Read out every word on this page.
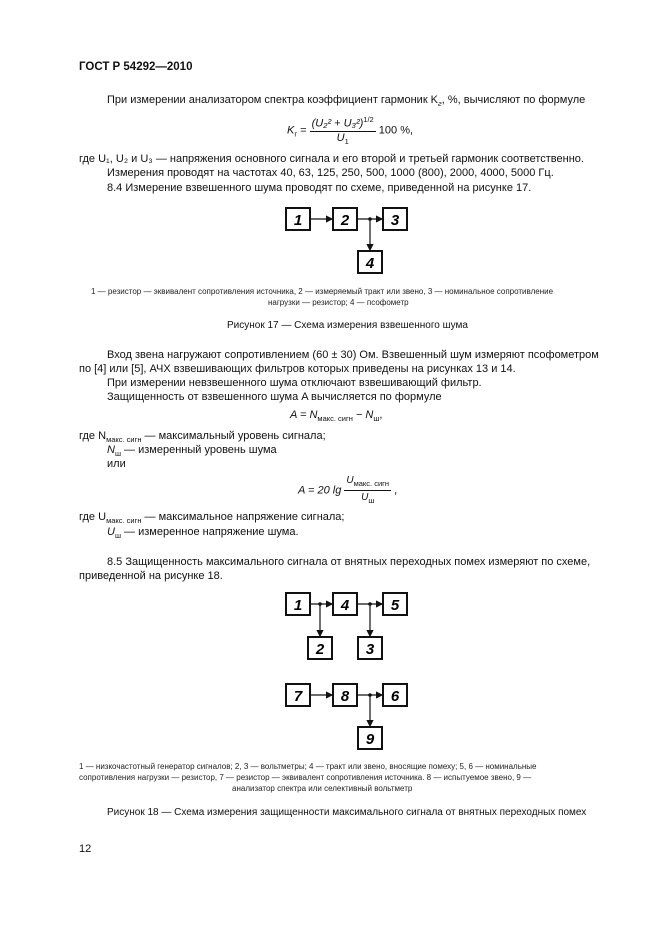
ГОСТ Р 54292—2010
При измерении анализатором спектра коэффициент гармоник $K_г$, %, вычисляют по формуле
$K_г = \frac{(U_2^2 + U_3^2)^{1/2}}{U_1} 100$ %,
где U₁, U₂ и U₃ — напряжения основного сигнала и его второй и третьей гармоник соответственно.
Измерения проводят на частотах 40, 63, 125, 250, 500, 1000 (800), 2000, 4000, 5000 Гц.
8.4 Измерение взвешенного шума проводят по схеме, приведенной на рисунке 17.
1	2	3
4
1 — резистор — эквивалент сопротивления источника, 2 — измеряемый тракт или звено, 3 — номинальное сопротивление
нагрузки — резистор; 4 — псофометр
Рисунок 17 — Схема измерения взвешенного шума
Вход звена нагружают сопротивлением (60 ± 30) Ом. Взвешенный шум измеряют псофометром
по [4] или [5], АЧХ взвешивающих фильтров которых приведены на рисунках 13 и 14.
При измерении невзвешенного шума отключают взвешивающий фильтр.
Защищенность от взвешенного шума A вычисляется по формуле
$A = N_{макс. сигн} - N_ш$,
где $N_{макс. сигн}$ — максимальный уровень сигнала;
$N_ш$ — измеренный уровень шума
или
A = 20 $\lg \frac{U_{макс. сигн}}{U_ш}$ ,
где $U_{макс. сигн}$ — максимальное напряжение сигнала;
$U_ш$ — измеренное напряжение шума.
8.5 Защищенность максимального сигнала от внятных переходных помех измеряют по схеме,
приведенной на рисунке 18.
1	4	5
2	3
7	8	6
9
1 — низкочастотный генератор сигналов; 2, 3 — вольтметры; 4 — тракт или звено, вносящие помеху; 5, 6 — номинальные
сопротивления нагрузки — резистор, 7 — резистор — эквивалент сопротивления источника. 8 — испытуемое звено, 9 —
анализатор спектра или селективный вольтметр
Рисунок 18 — Схема измерения защищенности максимального сигнала от внятных переходных помех
12
